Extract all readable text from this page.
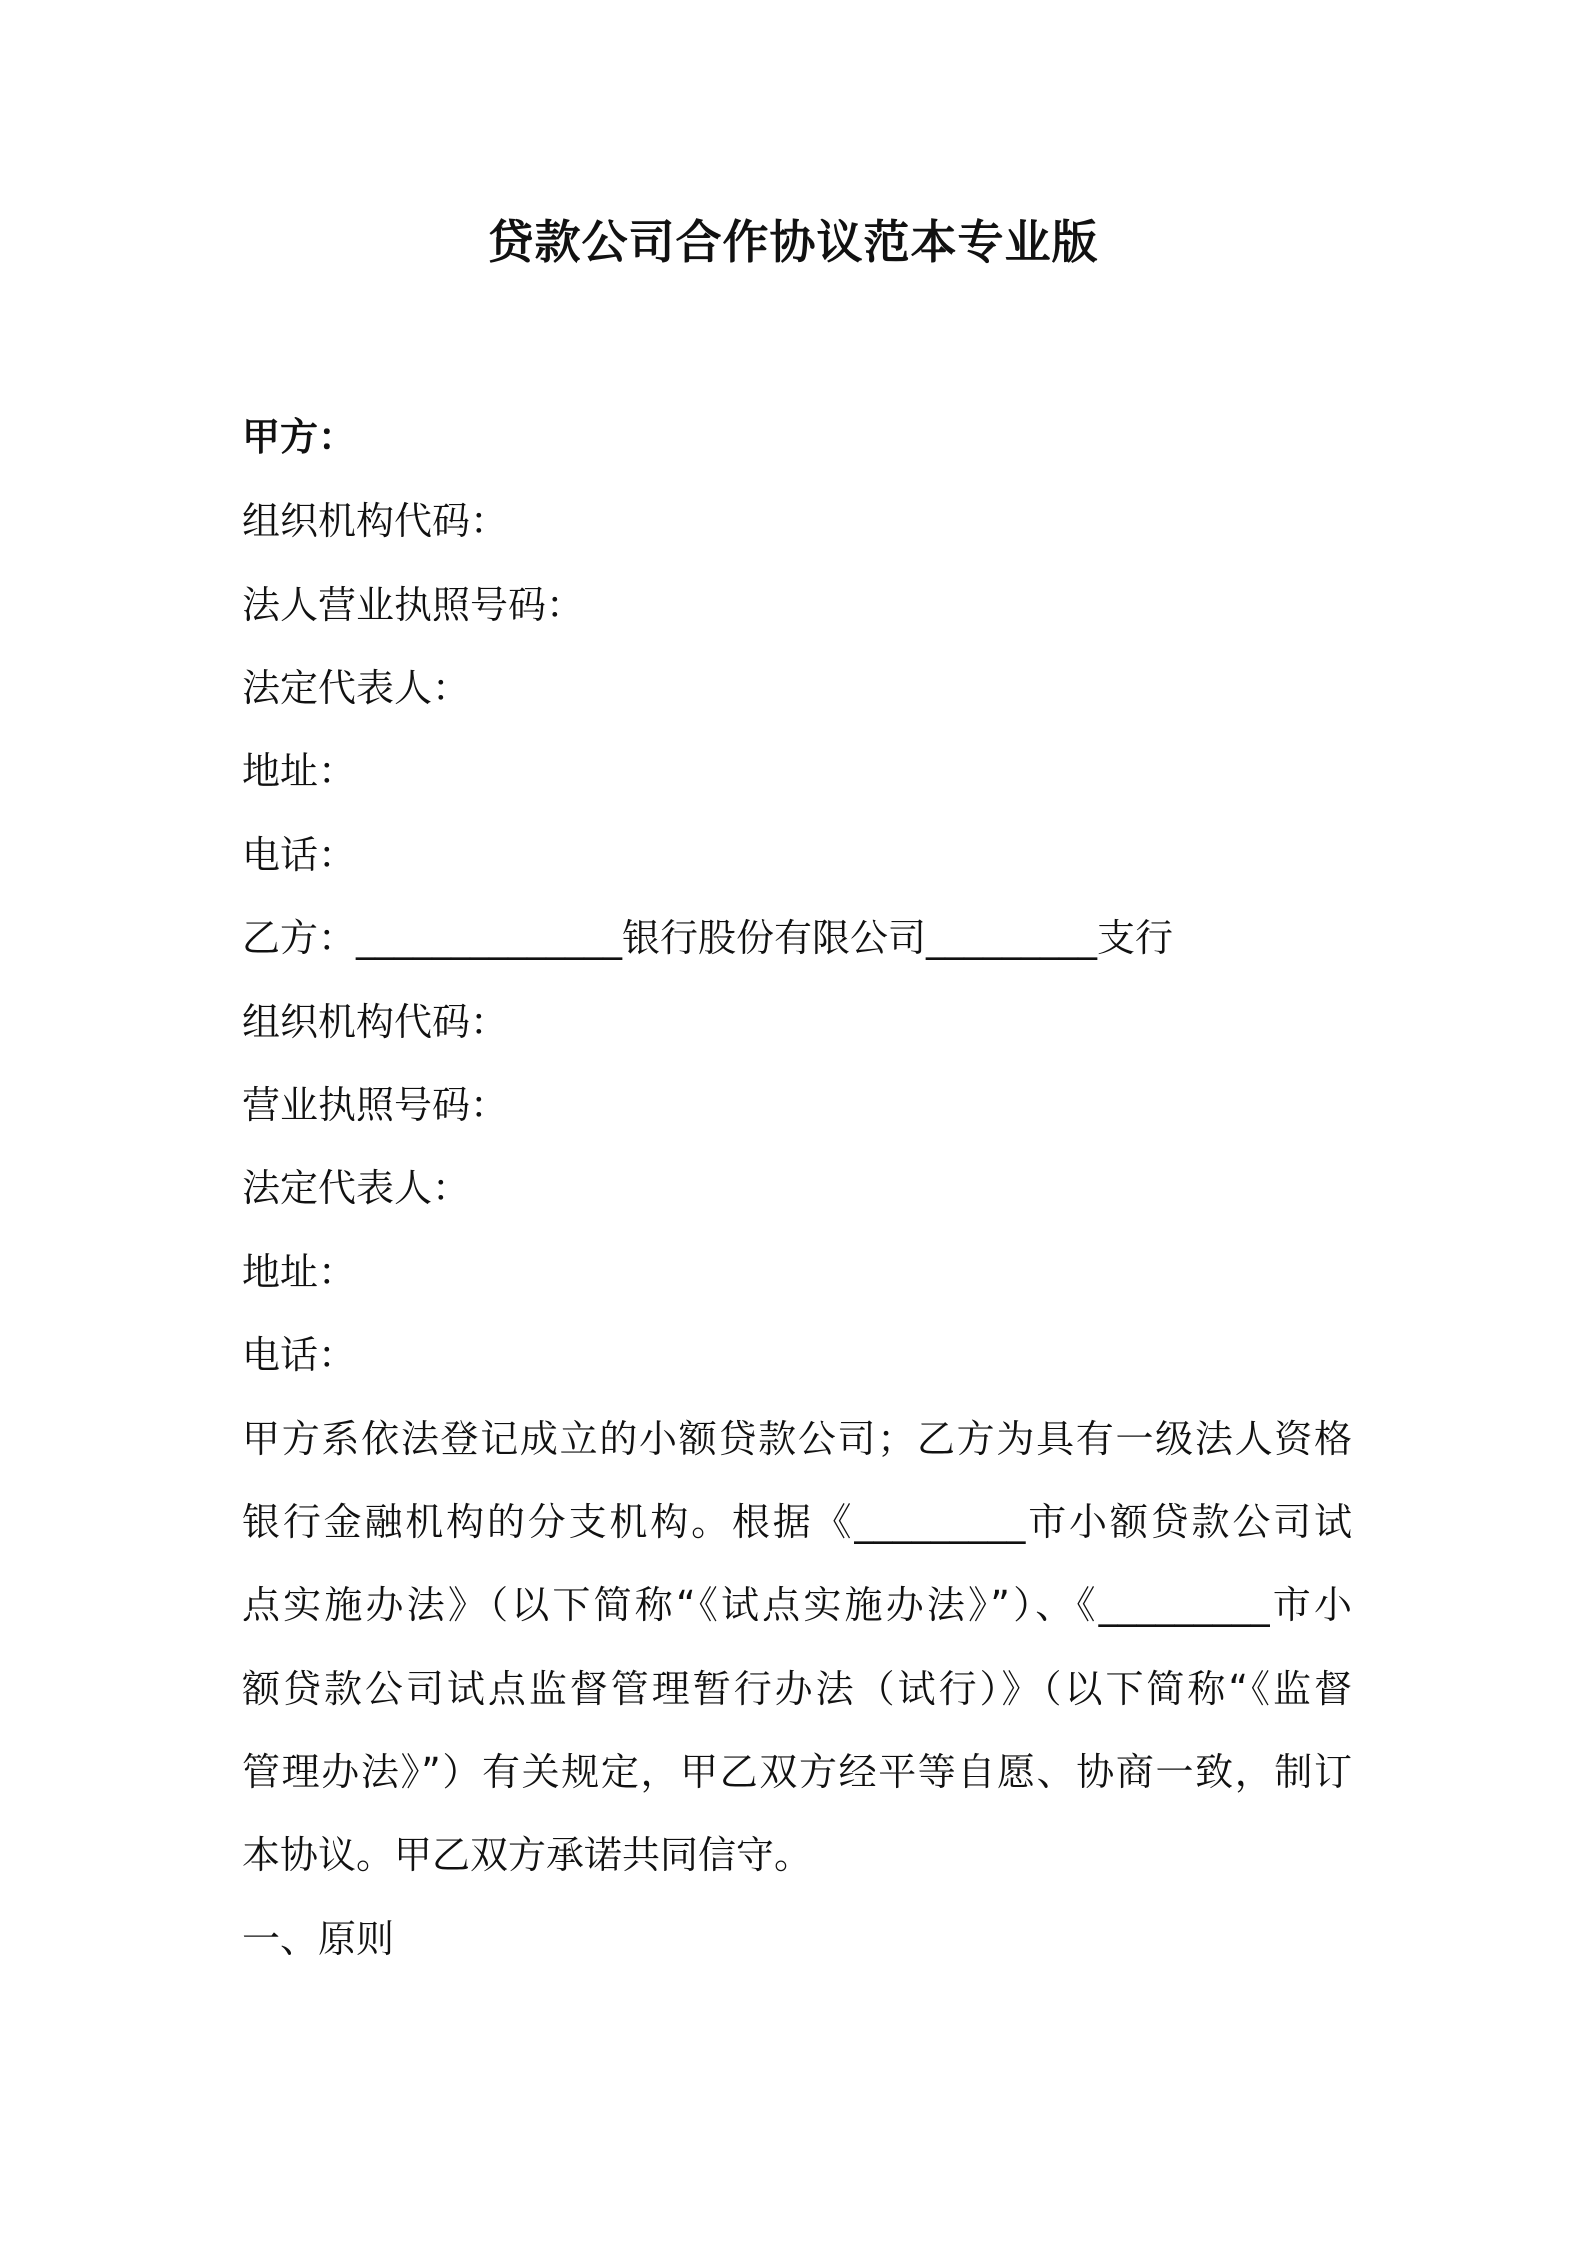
贷款公司合作协议范本专业版

甲方：

组织机构代码：

法人营业执照号码：

法定代表人：

地址：

电话：

乙方：______________银行股份有限公司_________支行

组织机构代码：

营业执照号码：

法定代表人：

地址：

电话：

甲方系依法登记成立的小额贷款公司；乙方为具有一级法人资格

银行金融机构的分支机构。根据《_________市小额贷款公司试

点实施办法》（以下简称“《试点实施办法》”）、《_________市小

额贷款公司试点监督管理暂行办法（试行）》（以下简称“《监督

管理办法》”）有关规定，甲乙双方经平等自愿、协商一致，制订

本协议。甲乙双方承诺共同信守。

一、原则
